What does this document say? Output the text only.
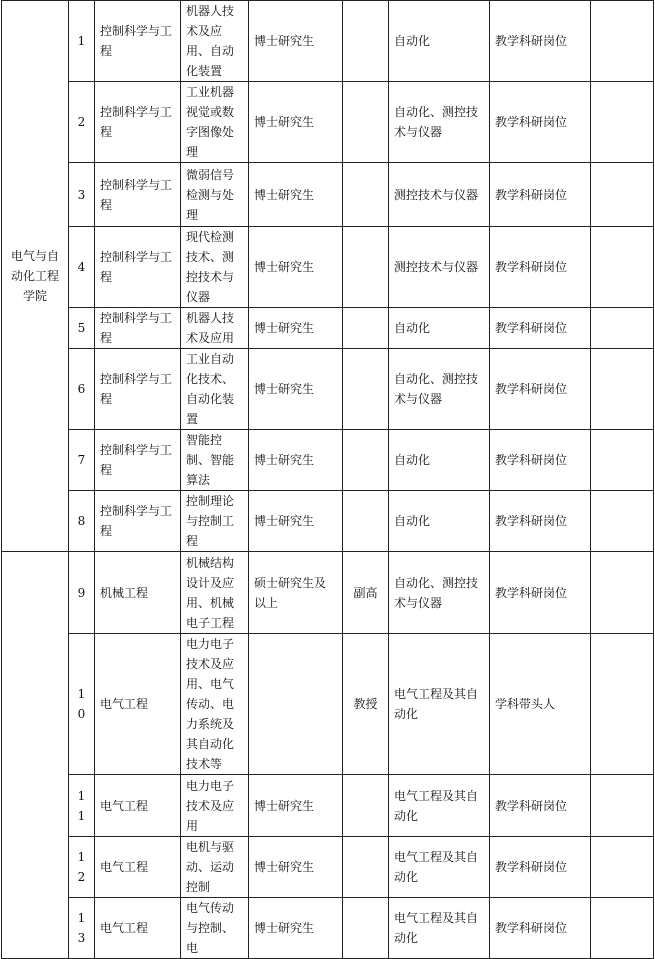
电气与自动化工程学院	1	控制科学与工程	机器人技术及应用、自动化装置	博士研究生		自动化	教学科研岗位	
	2	控制科学与工程	工业机器视觉或数字图像处理	博士研究生		自动化、测控技术与仪器	教学科研岗位	
	3	控制科学与工程	微弱信号检测与处理	博士研究生		测控技术与仪器	教学科研岗位	
	4	控制科学与工程	现代检测技术、测控技术与仪器	博士研究生		测控技术与仪器	教学科研岗位	
	5	控制科学与工程	机器人技术及应用	博士研究生		自动化	教学科研岗位	
	6	控制科学与工程	工业自动化技术、自动化装置	博士研究生		自动化、测控技术与仪器	教学科研岗位	
	7	控制科学与工程	智能控制、智能算法	博士研究生		自动化	教学科研岗位	
	8	控制科学与工程	控制理论与控制工程	博士研究生		自动化	教学科研岗位	
	9	机械工程	机械结构设计及应用、机械电子工程	硕士研究生及以上	副高	自动化、测控技术与仪器	教学科研岗位	
	10	电气工程	电力电子技术及应用、电气传动、电力系统及其自动化技术等		教授	电气工程及其自动化	学科带头人	
	11	电气工程	电力电子技术及应用	博士研究生		电气工程及其自动化	教学科研岗位	
	12	电气工程	电机与驱动、运动控制	博士研究生		电气工程及其自动化	教学科研岗位	
	13	电气工程	电气传动与控制、电	博士研究生		电气工程及其自动化	教学科研岗位	
